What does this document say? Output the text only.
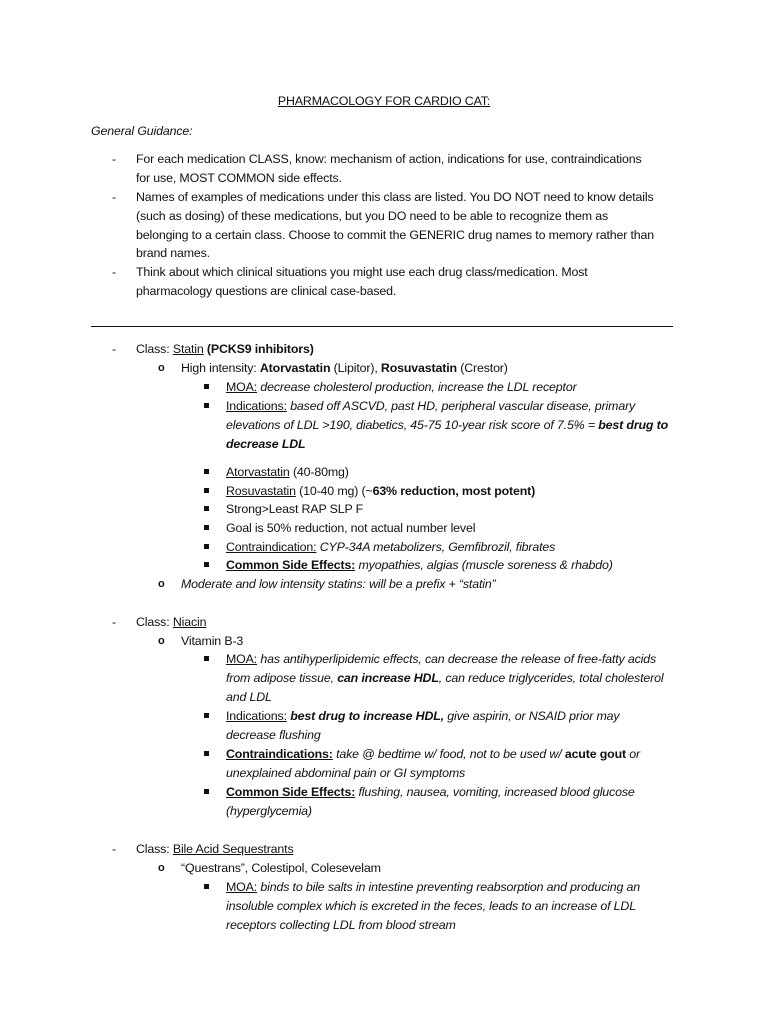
PHARMACOLOGY FOR CARDIO CAT:
General Guidance:
- For each medication CLASS, know: mechanism of action, indications for use, contraindications
for use, MOST COMMON side effects.
- Names of examples of medications under this class are listed. You DO NOT need to know details
(such as dosing) of these medications, but you DO need to be able to recognize them as
belonging to a certain class. Choose to commit the GENERIC drug names to memory rather than
brand names.
- Think about which clinical situations you might use each drug class/medication. Most
pharmacology questions are clinical case-based.
- Class: Statin (PCKS9 inhibitors)
o High intensity: Atorvastatin (Lipitor), Rosuvastatin (Crestor)
MOA: decrease cholesterol production, increase the LDL receptor
Indications: based off ASCVD, past HD, peripheral vascular disease, primary
elevations of LDL >190, diabetics, 45-75 10-year risk score of 7.5% = best drug to
decrease LDL
Atorvastatin (40-80mg)
Rosuvastatin (10-40 mg) (~63% reduction, most potent)
Strong>Least RAP SLP F
Goal is 50% reduction, not actual number level
Contraindication: CYP-34A metabolizers, Gemfibrozil, fibrates
Common Side Effects: myopathies, algias (muscle soreness & rhabdo)
o Moderate and low intensity statins: will be a prefix + “statin”
- Class: Niacin
o Vitamin B-3
MOA: has antihyperlipidemic effects, can decrease the release of free-fatty acids
from adipose tissue, can increase HDL, can reduce triglycerides, total cholesterol
and LDL
Indications: best drug to increase HDL, give aspirin, or NSAID prior may
decrease flushing
Contraindications: take @ bedtime w/ food, not to be used w/ acute gout or
unexplained abdominal pain or GI symptoms
Common Side Effects: flushing, nausea, vomiting, increased blood glucose
(hyperglycemia)
- Class: Bile Acid Sequestrants
o “Questrans”, Colestipol, Colesevelam
MOA: binds to bile salts in intestine preventing reabsorption and producing an
insoluble complex which is excreted in the feces, leads to an increase of LDL
receptors collecting LDL from blood stream
